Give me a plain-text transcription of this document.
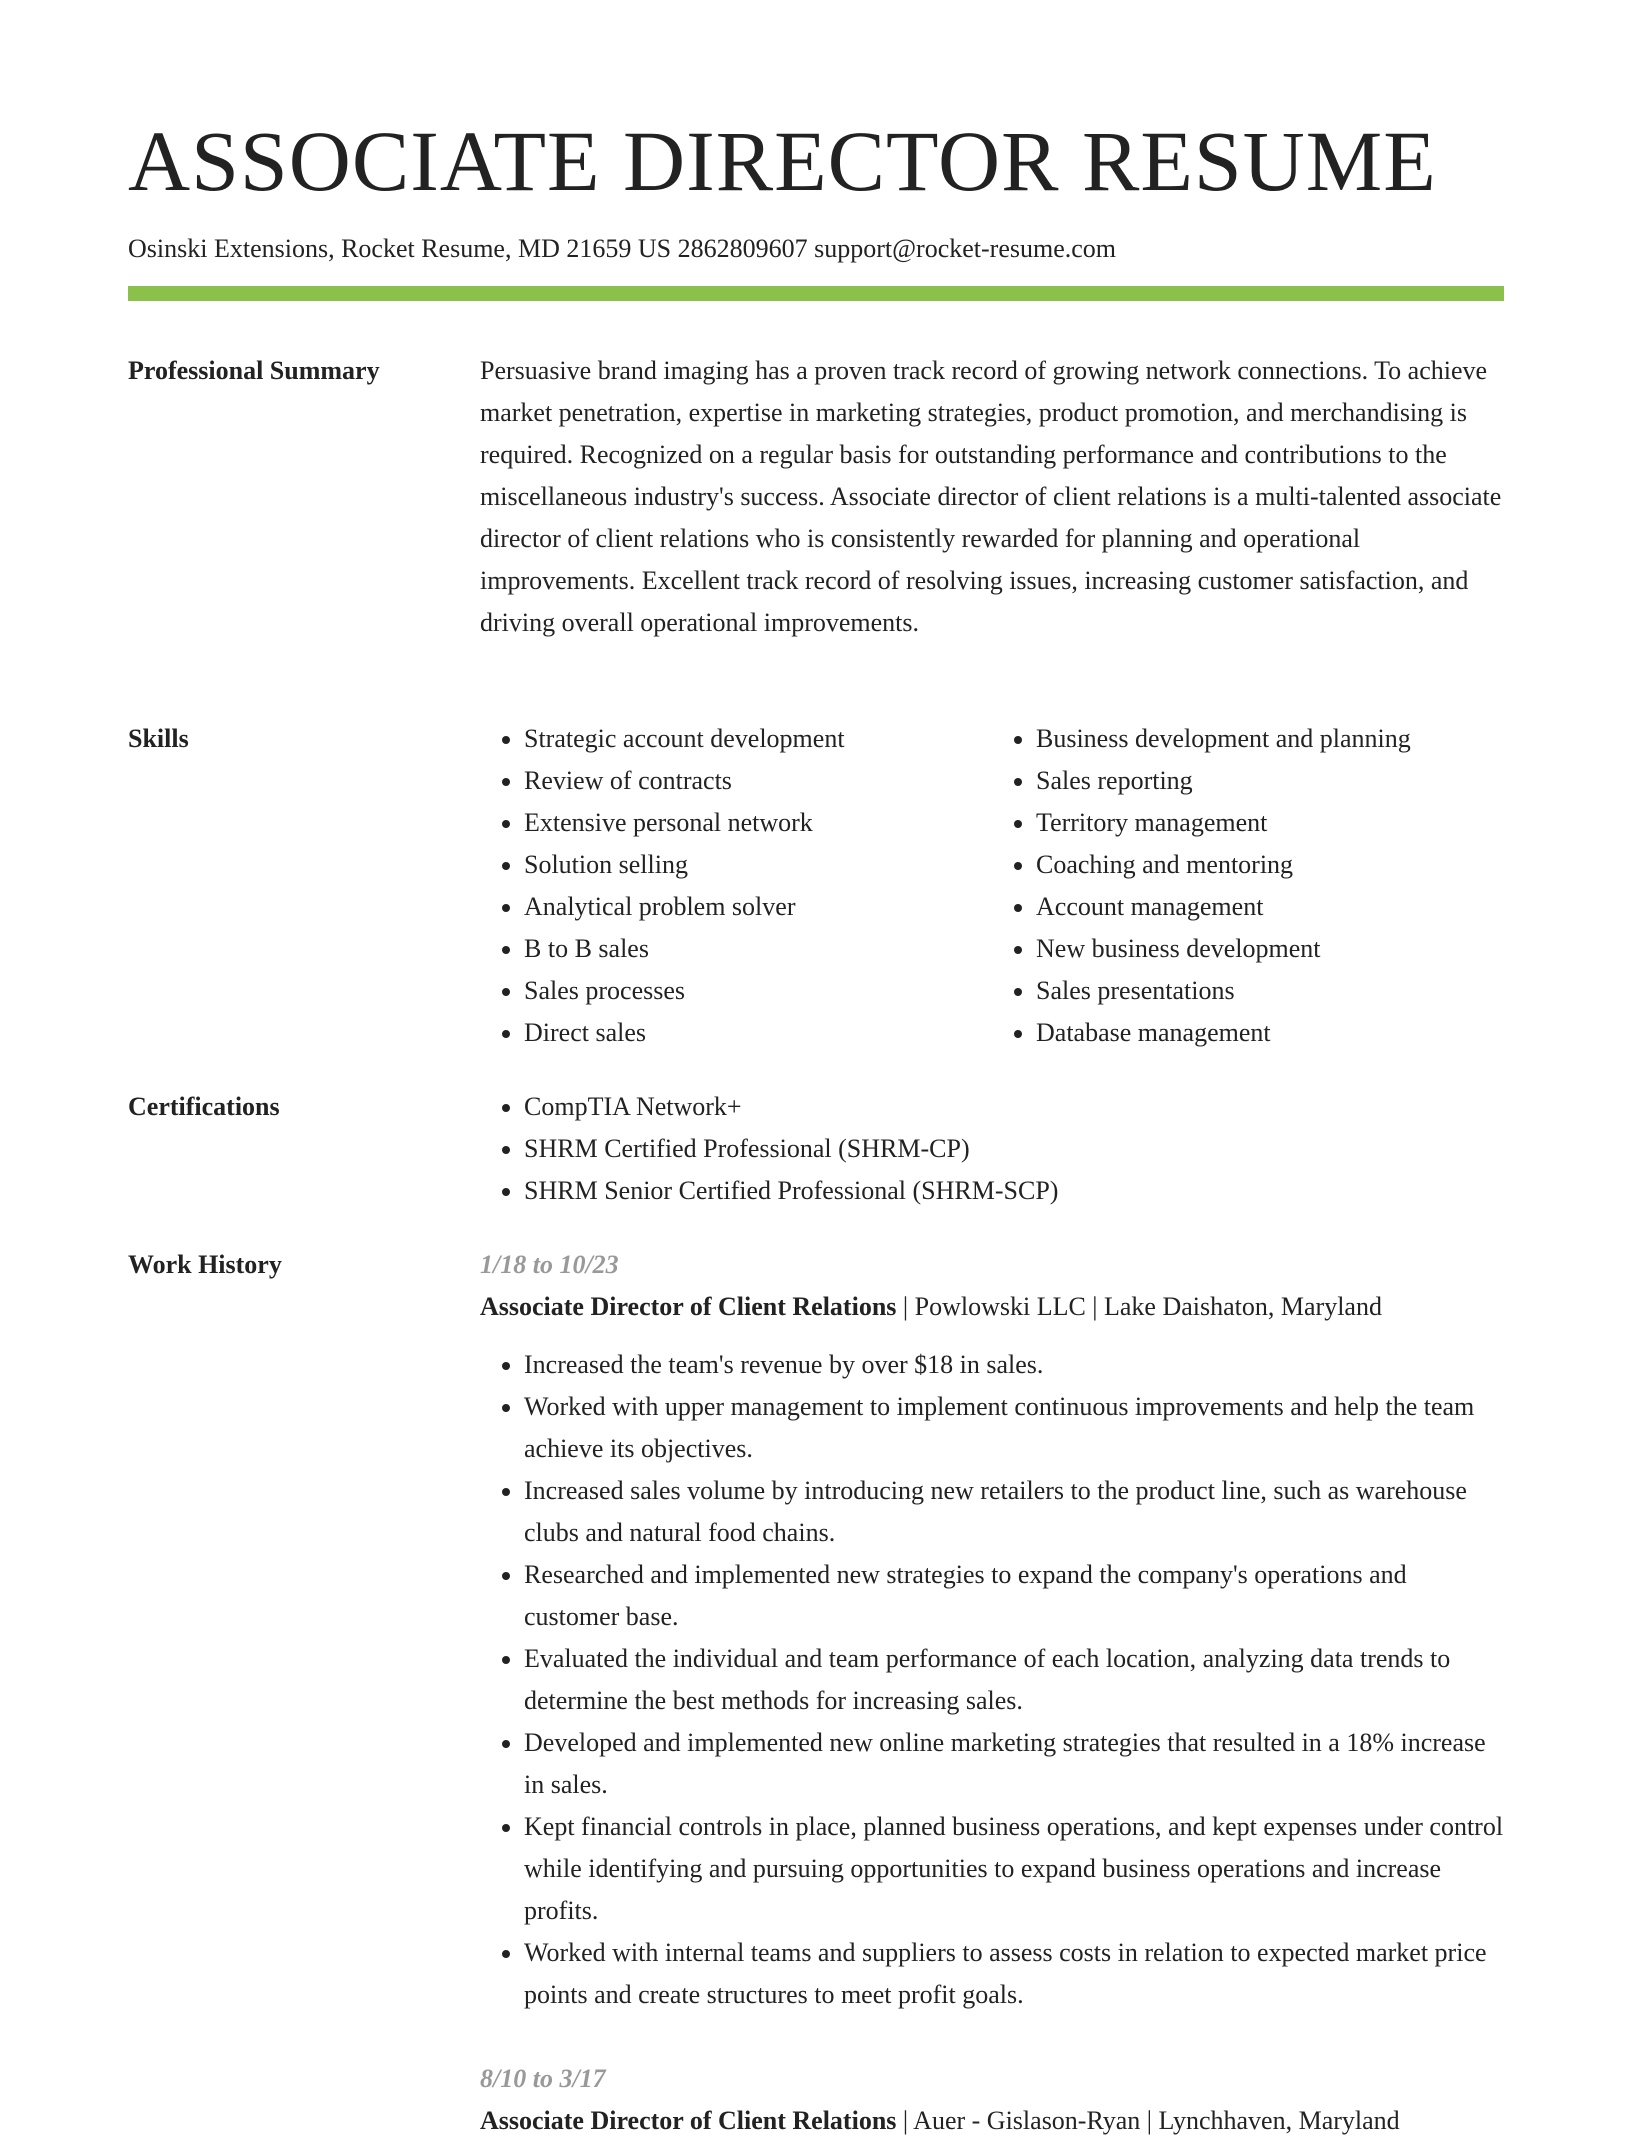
ASSOCIATE DIRECTOR RESUME
Osinski Extensions, Rocket Resume, MD 21659 US 2862809607 support@rocket-resume.com
Professional Summary	Persuasive brand imaging has a proven track record of growing network connections. To achieve market penetration, expertise in marketing strategies, product promotion, and merchandising is required. Recognized on a regular basis for outstanding performance and contributions to the miscellaneous industry's success. Associate director of client relations is a multi-talented associate director of client relations who is consistently rewarded for planning and operational improvements. Excellent track record of resolving issues, increasing customer satisfaction, and driving overall operational improvements.

Skills	• Strategic account development
• Review of contracts
• Extensive personal network
• Solution selling
• Analytical problem solver
• B to B sales
• Sales processes
• Direct sales
• Business development and planning
• Sales reporting
• Territory management
• Coaching and mentoring
• Account management
• New business development
• Sales presentations
• Database management
Certifications	• CompTIA Network+
• SHRM Certified Professional (SHRM-CP)
• SHRM Senior Certified Professional (SHRM-SCP)
Work History	1/18 to 10/23
Associate Director of Client Relations | Powlowski LLC | Lake Daishaton, Maryland
• Increased the team's revenue by over $18 in sales.
• Worked with upper management to implement continuous improvements and help the team achieve its objectives.
• Increased sales volume by introducing new retailers to the product line, such as warehouse clubs and natural food chains.
• Researched and implemented new strategies to expand the company's operations and customer base.
• Evaluated the individual and team performance of each location, analyzing data trends to determine the best methods for increasing sales.
• Developed and implemented new online marketing strategies that resulted in a 18% increase in sales.
• Kept financial controls in place, planned business operations, and kept expenses under control while identifying and pursuing opportunities to expand business operations and increase profits.
• Worked with internal teams and suppliers to assess costs in relation to expected market price points and create structures to meet profit goals.
8/10 to 3/17
Associate Director of Client Relations | Auer - Gislason-Ryan | Lynchhaven, Maryland
